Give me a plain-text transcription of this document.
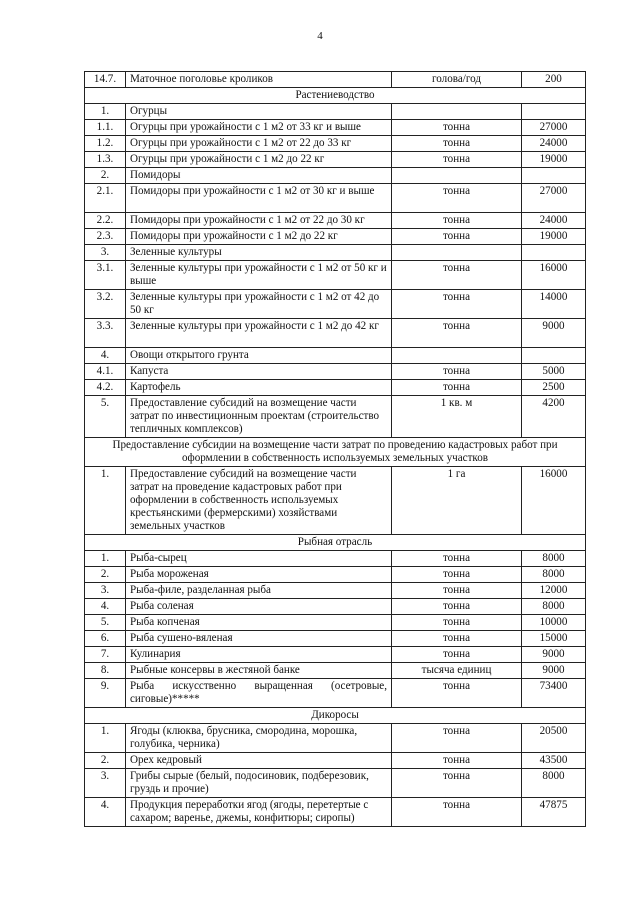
4
14.7.	Маточное поголовье кроликов	голова/год	200
Растениеводство			
1.	Огурцы		
1.1.	Огурцы при урожайности с 1 м2 от 33 кг и выше	тонна	27000
1.2.	Огурцы при урожайности с 1 м2 от 22 до 33 кг	тонна	24000
1.3.	Огурцы при урожайности с 1 м2 до 22 кг	тонна	19000
2.	Помидоры		
2.1.	Помидоры при урожайности с 1 м2 от 30 кг и выше	тонна	27000
2.2.	Помидоры при урожайности с 1 м2 от 22 до 30 кг	тонна	24000
2.3.	Помидоры при урожайности с 1 м2 до 22 кг	тонна	19000
3.	Зеленные культуры		
3.1.	Зеленные культуры при урожайности с 1 м2 от 50 кг и выше	тонна	16000
3.2.	Зеленные культуры при урожайности с 1 м2 от 42 до 50 кг	тонна	14000
3.3.	Зеленные культуры при урожайности с 1 м2 до 42 кг	тонна	9000
4.	Овощи открытого грунта		
4.1.	Капуста	тонна	5000
4.2.	Картофель	тонна	2500
5.	Предоставление субсидий на возмещение части затрат по инвестиционным проектам (строительство тепличных комплексов)	1 кв. м	4200
Предоставление субсидии на возмещение части затрат по проведению кадастровых работ при оформлении в собственность используемых земельных участков			
1.	Предоставление субсидий на возмещение части затрат на проведение кадастровых работ при оформлении в собственность используемых крестьянскими (фермерскими) хозяйствами земельных участков	1 га	16000
Рыбная отрасль			
1.	Рыба-сырец	тонна	8000
2.	Рыба мороженая	тонна	8000
3.	Рыба-филе, разделанная рыба	тонна	12000
4.	Рыба соленая	тонна	8000
5.	Рыба копченая	тонна	10000
6.	Рыба сушено-вяленая	тонна	15000
7.	Кулинария	тонна	9000
8.	Рыбные консервы в жестяной банке	тысяча единиц	9000
9.	Рыба искусственно выращенная (осетровые, сиговые)*****	тонна	73400
Дикоросы			
1.	Ягоды (клюква, брусника, смородина, морошка, голубика, черника)	тонна	20500
2.	Орех кедровый	тонна	43500
3.	Грибы сырые (белый, подосиновик, подберезовик, груздь и прочие)	тонна	8000
4.	Продукция переработки ягод (ягоды, перетертые с сахаром; варенье, джемы, конфитюры; сиропы)	тонна	47875
